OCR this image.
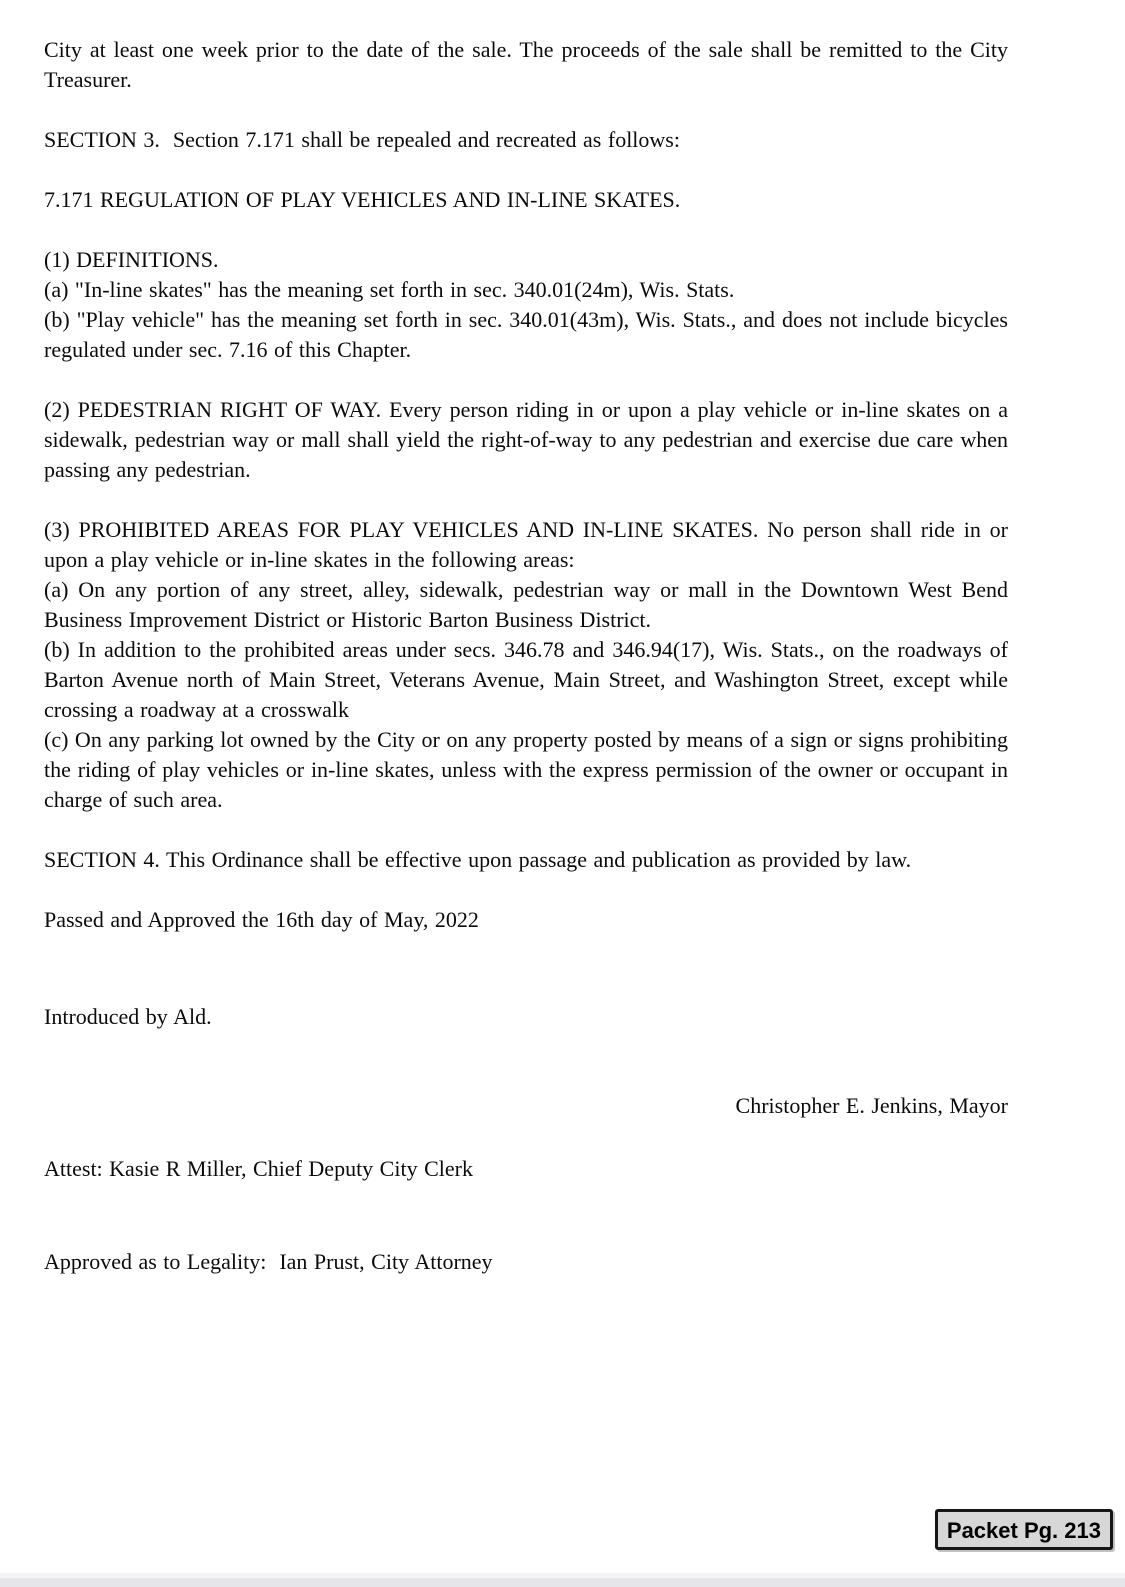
City at least one week prior to the date of the sale. The proceeds of the sale shall be remitted to the City Treasurer.

SECTION 3.  Section 7.171 shall be repealed and recreated as follows:

7.171 REGULATION OF PLAY VEHICLES AND IN-LINE SKATES.

(1) DEFINITIONS.

(a) "In-line skates" has the meaning set forth in sec. 340.01(24m), Wis. Stats.

(b) "Play vehicle" has the meaning set forth in sec. 340.01(43m), Wis. Stats., and does not include bicycles regulated under sec. 7.16 of this Chapter.

(2) PEDESTRIAN RIGHT OF WAY. Every person riding in or upon a play vehicle or in-line skates on a sidewalk, pedestrian way or mall shall yield the right-of-way to any pedestrian and exercise due care when passing any pedestrian.

(3) PROHIBITED AREAS FOR PLAY VEHICLES AND IN-LINE SKATES. No person shall ride in or upon a play vehicle or in-line skates in the following areas:

(a) On any portion of any street, alley, sidewalk, pedestrian way or mall in the Downtown West Bend Business Improvement District or Historic Barton Business District.

(b) In addition to the prohibited areas under secs. 346.78 and 346.94(17), Wis. Stats., on the roadways of Barton Avenue north of Main Street, Veterans Avenue, Main Street, and Washington Street, except while crossing a roadway at a crosswalk

(c) On any parking lot owned by the City or on any property posted by means of a sign or signs prohibiting the riding of play vehicles or in-line skates, unless with the express permission of the owner or occupant in charge of such area.

SECTION 4. This Ordinance shall be effective upon passage and publication as provided by law.

Passed and Approved the 16th day of May, 2022

Introduced by Ald.

Christopher E. Jenkins, Mayor

Attest: Kasie R Miller, Chief Deputy City Clerk

Approved as to Legality:  Ian Prust, City Attorney

Packet Pg. 213
